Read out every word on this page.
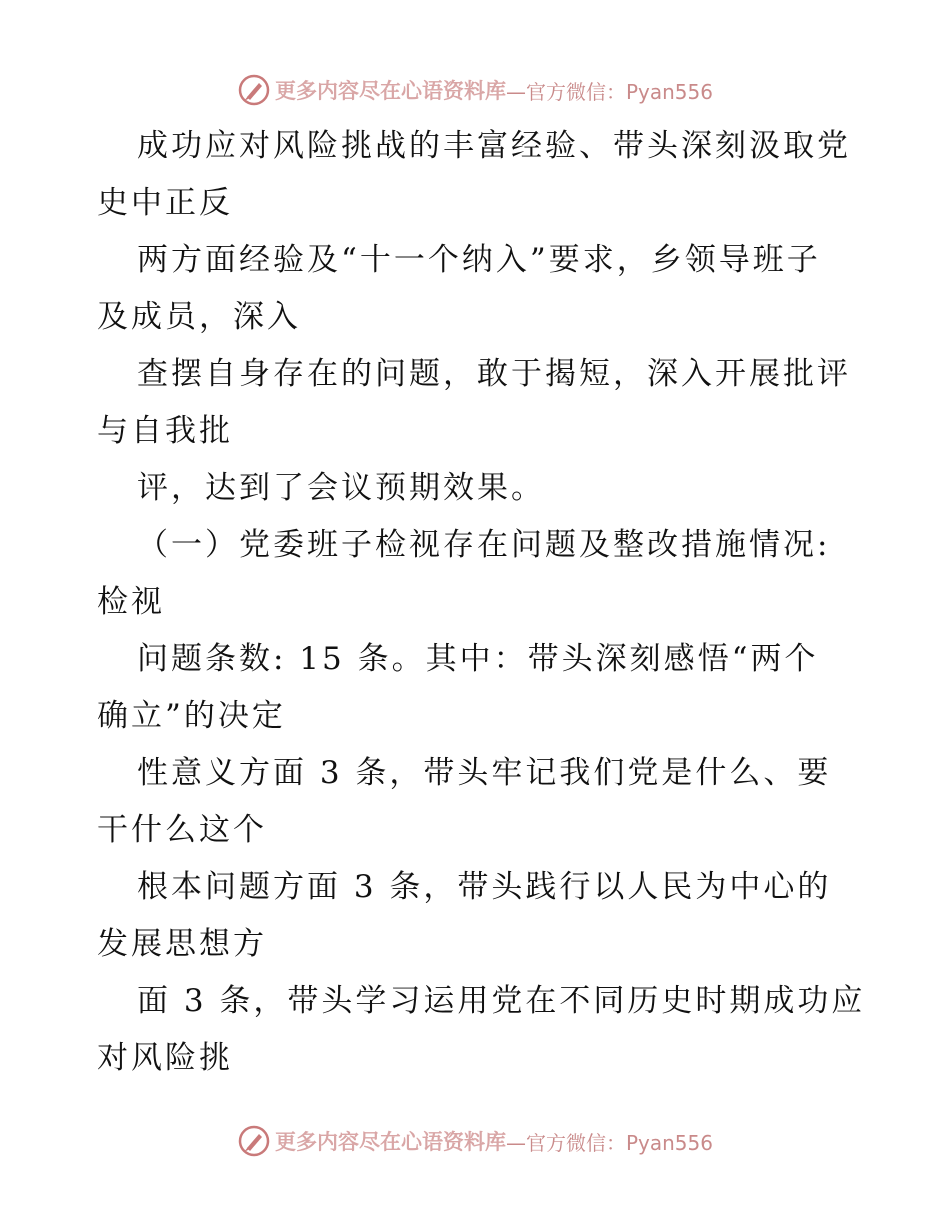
更多内容尽在心语资料库 —官方微信：Pyan556
成功应对风险挑战的丰富经验、带头深刻汲取党
史中正反
两方面经验及“十一个纳入”要求，乡领导班子
及成员，深入
查摆自身存在的问题，敢于揭短，深入开展批评
与自我批
评，达到了会议预期效果。
（一）党委班子检视存在问题及整改措施情况:
检视
问题条数: 15 条。其中：带头深刻感悟“两个
确立”的决定
性意义方面 3 条，带头牢记我们党是什么、要
干什么这个
根本问题方面 3 条，带头践行以人民为中心的
发展思想方
面 3 条，带头学习运用党在不同历史时期成功应
对风险挑
更多内容尽在心语资料库 —官方微信：Pyan556
